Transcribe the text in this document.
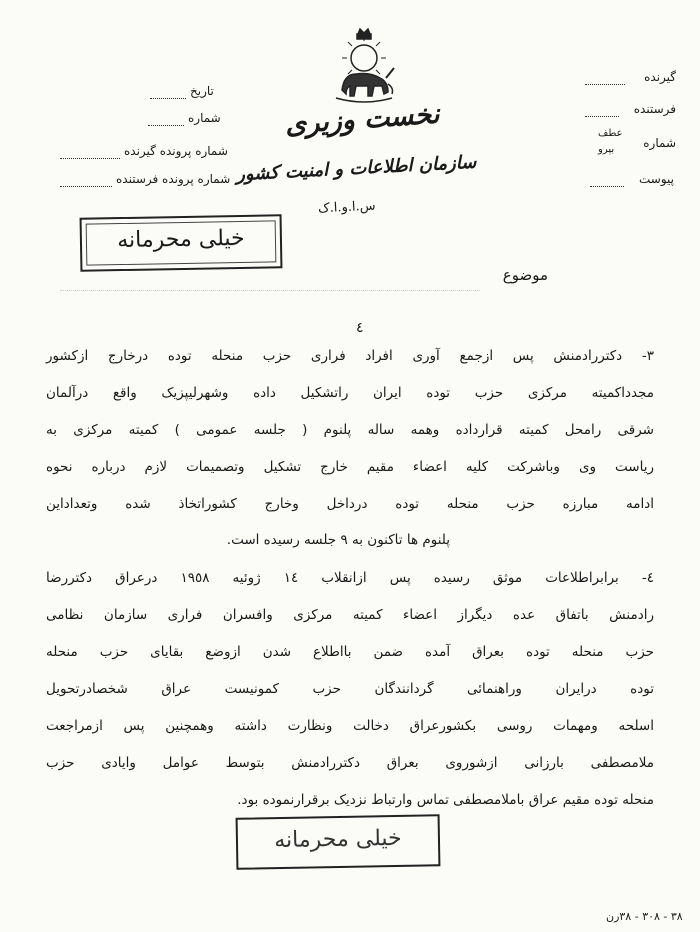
نخست وزیری
سازمان اطلاعات و امنیت کشور
س.ا.و.ا.ک
تاریخ
شماره
شماره پرونده گیرنده
شماره پرونده فرستنده
گیرنده
فرستنده
شماره
عطف
بپرو
پیوست
خیلی محرمانه
موضوع
٤
۳- دکتررادمنش پس ازجمع آوری افراد فراری حزب منحله توده درخارج ازکشور
مجدداکمیته مرکزی حزب توده ایران راتشکیل داده وشهرلیپزیک واقع درآلمان
شرقی رامحل کمیته قرارداده وهمه ساله پلنوم ( جلسه عمومی ) کمیته مرکزی به
ریاست وی وباشرکت کلیه اعضاء مقیم خارج تشکیل وتصمیمات لازم درباره نحوه
ادامه مبارزه حزب منحله توده درداخل وخارج کشوراتخاذ شده وتعداداین
پلنوم ها تاکنون به ۹ جلسه رسیده است.
٤- برابراطلاعات موثق رسیده پس ازانقلاب ١٤ ژوئیه ١٩٥٨ درعراق دکتررضا
رادمنش باتفاق عده دیگراز اعضاء کمیته مرکزی وافسران فراری سازمان نظامی
حزب منحله توده بعراق آمده ضمن بااطلاع شدن ازوضع بقایای حزب منحله
توده درایران وراهنمائی گردانندگان حزب کمونیست عراق شخصادرتحویل
اسلحه ومهمات روسی بکشورعراق دخالت ونظارت داشته وهمچنین پس ازمراجعت
ملامصطفی بارزانی ازشوروی بعراق دکتررادمنش بتوسط عوامل وایادی حزب
منحله توده مقیم عراق باملامصطفی تماس وارتباط نزدیک برقرارنموده بود.
خیلی محرمانه
۳۸ - ۳۰۸ - ۳۸رن
